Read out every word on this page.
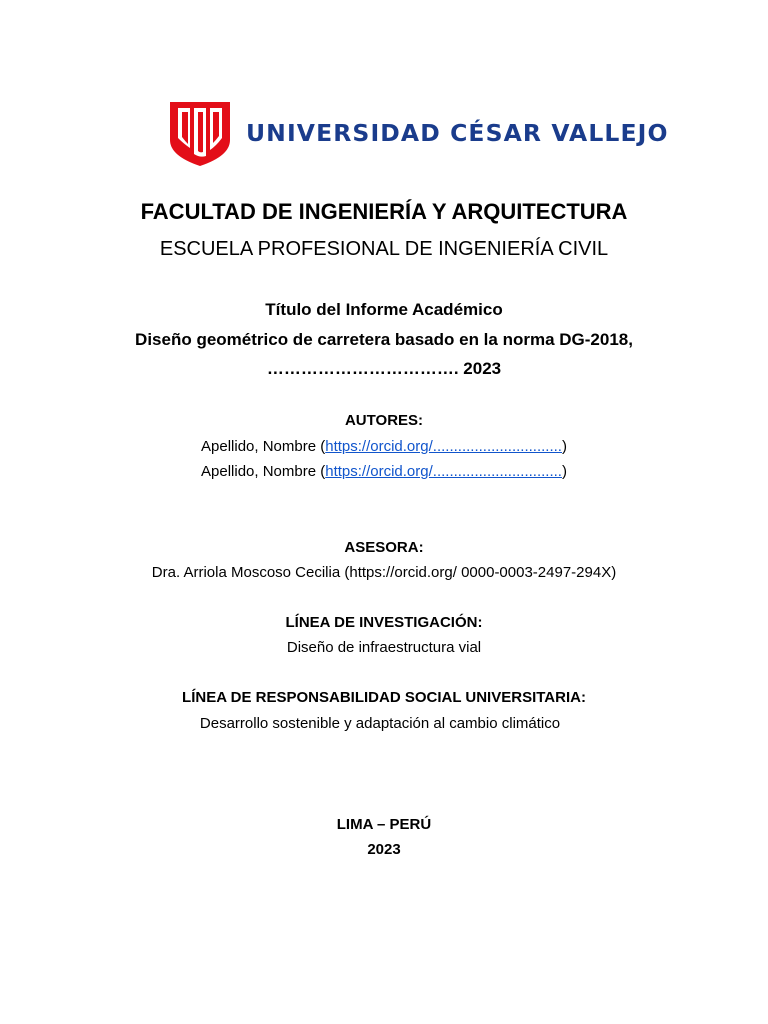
UNIVERSIDAD CÉSAR VALLEJO
FACULTAD DE INGENIERÍA Y ARQUITECTURA
ESCUELA PROFESIONAL DE INGENIERÍA CIVIL
Título del Informe Académico
Diseño geométrico de carretera basado en la norma DG-2018,
……………………………. 2023
AUTORES:
Apellido, Nombre (https://orcid.org/...............................)
Apellido, Nombre (https://orcid.org/...............................)
ASESORA:
Dra. Arriola Moscoso Cecilia (https://orcid.org/ 0000-0003-2497-294X)
LÍNEA DE INVESTIGACIÓN:
Diseño de infraestructura vial
LÍNEA DE RESPONSABILIDAD SOCIAL UNIVERSITARIA:
Desarrollo sostenible y adaptación al cambio climático
LIMA – PERÚ
2023
